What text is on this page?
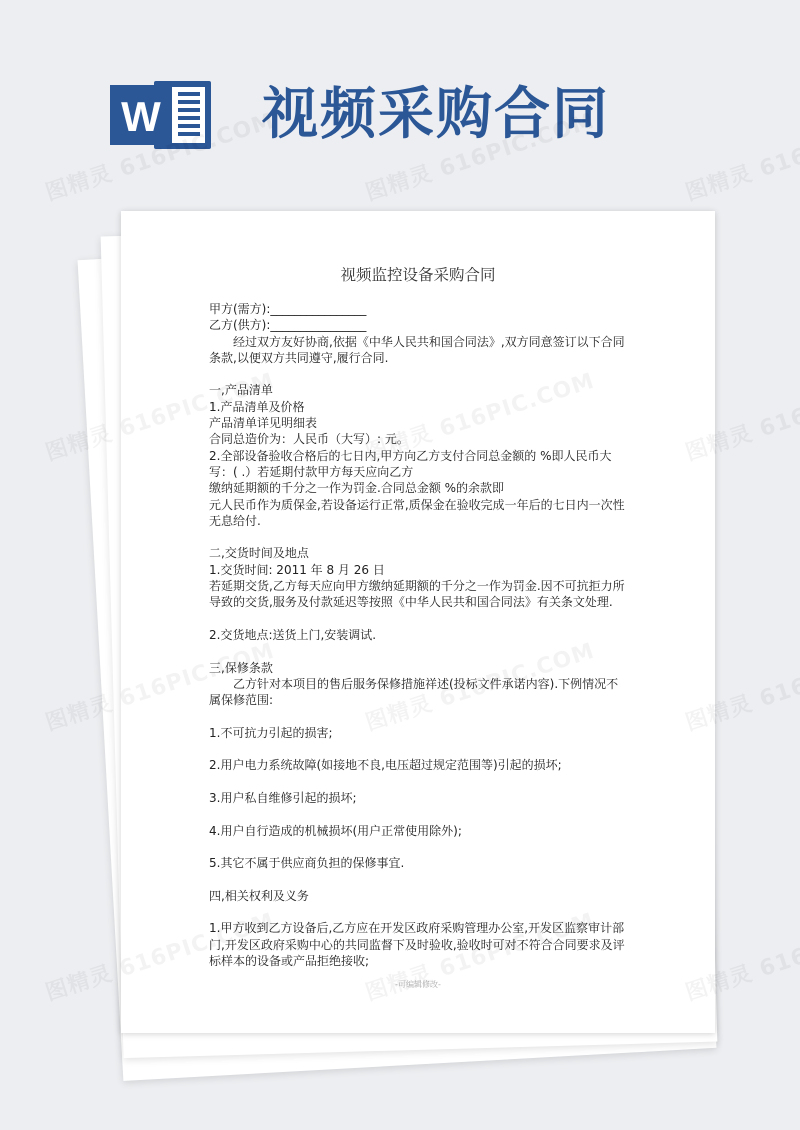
W 视频采购合同
视频监控设备采购合同
甲方(需方):________________
乙方(供方):________________
经过双方友好协商,依据《中华人民共和国合同法》,双方同意签订以下合同
条款,以便双方共同遵守,履行合同.
一,产品清单
1.产品清单及价格
产品清单详见明细表
合同总造价为：人民币（大写）: 元。
2.全部设备验收合格后的七日内,甲方向乙方支付合同总金额的 %即人民币大
写：( .）若延期付款甲方每天应向乙方
缴纳延期额的千分之一作为罚金.合同总金额 %的余款即
元人民币作为质保金,若设备运行正常,质保金在验收完成一年后的七日内一次性
无息给付.
二,交货时间及地点
1.交货时间: 2011 年 8 月 26 日
若延期交货,乙方每天应向甲方缴纳延期额的千分之一作为罚金.因不可抗拒力所
导致的交货,服务及付款延迟等按照《中华人民共和国合同法》有关条文处理.
2.交货地点:送货上门,安装调试.
三,保修条款
乙方针对本项目的售后服务保修措施祥述(投标文件承诺内容).下例情况不
属保修范围:
1.不可抗力引起的损害;
2.用户电力系统故障(如接地不良,电压超过规定范围等)引起的损坏;
3.用户私自维修引起的损坏;
4.用户自行造成的机械损坏(用户正常使用除外);
5.其它不属于供应商负担的保修事宜.
四,相关权利及义务
1.甲方收到乙方设备后,乙方应在开发区政府采购管理办公室,开发区监察审计部
门,开发区政府采购中心的共同监督下及时验收,验收时可对不符合合同要求及评
标样本的设备或产品拒绝接收;
-可编辑修改-
